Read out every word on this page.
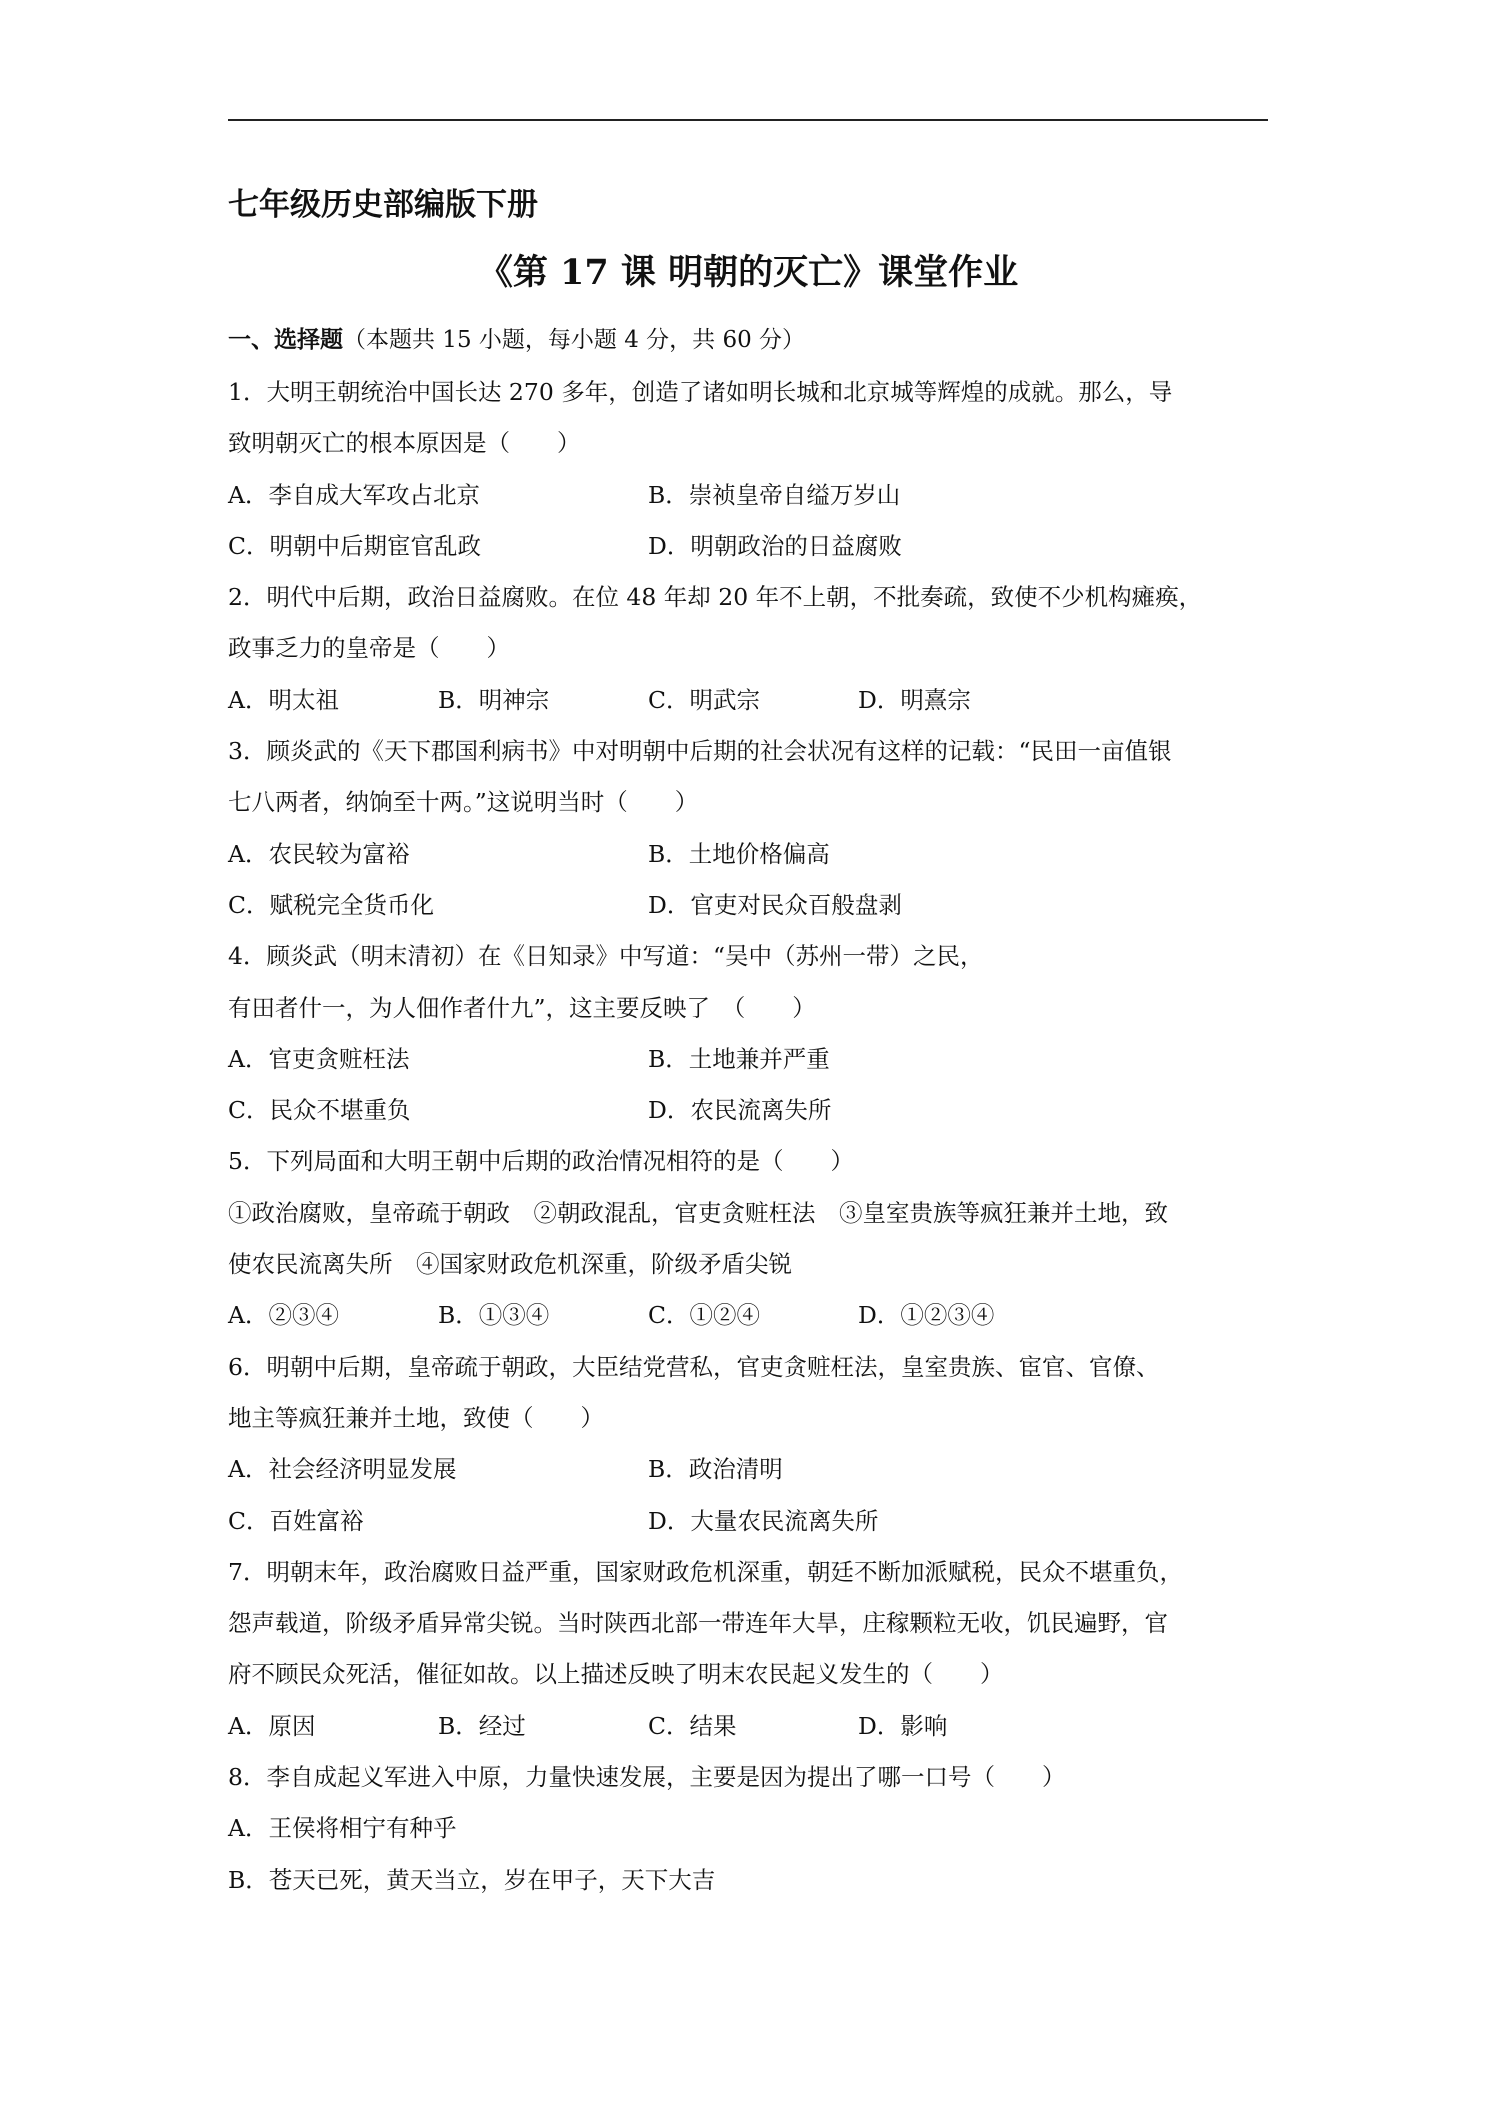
七年级历史部编版下册
《第 17 课 明朝的灭亡》课堂作业
一、选择题（本题共 15 小题，每小题 4 分，共 60 分）
1．大明王朝统治中国长达 270 多年，创造了诸如明长城和北京城等辉煌的成就。那么，导
致明朝灭亡的根本原因是（　　）
A．李自成大军攻占北京	B．崇祯皇帝自缢万岁山
C．明朝中后期宦官乱政	D．明朝政治的日益腐败
2．明代中后期，政治日益腐败。在位 48 年却 20 年不上朝，不批奏疏，致使不少机构瘫痪，
政事乏力的皇帝是（　　）
A．明太祖	B．明神宗	C．明武宗	D．明熹宗
3．顾炎武的《天下郡国利病书》中对明朝中后期的社会状况有这样的记载：“民田一亩值银
七八两者，纳饷至十两。”这说明当时（　　）
A．农民较为富裕	B．土地价格偏高
C．赋税完全货币化	D．官吏对民众百般盘剥
4．顾炎武（明末清初）在《日知录》中写道：“吴中（苏州一带）之民，
有田者什一，为人佃作者什九”，这主要反映了　（　　）
A．官吏贪赃枉法	B．土地兼并严重
C．民众不堪重负	D．农民流离失所
5．下列局面和大明王朝中后期的政治情况相符的是（　　）
①政治腐败，皇帝疏于朝政　②朝政混乱，官吏贪赃枉法　③皇室贵族等疯狂兼并土地，致
使农民流离失所　④国家财政危机深重，阶级矛盾尖锐
A．②③④	B．①③④	C．①②④	D．①②③④
6．明朝中后期，皇帝疏于朝政，大臣结党营私，官吏贪赃枉法，皇室贵族、宦官、官僚、
地主等疯狂兼并土地，致使（　　）
A．社会经济明显发展	B．政治清明
C．百姓富裕	D．大量农民流离失所
7．明朝末年，政治腐败日益严重，国家财政危机深重，朝廷不断加派赋税，民众不堪重负，
怨声载道，阶级矛盾异常尖锐。当时陕西北部一带连年大旱，庄稼颗粒无收，饥民遍野，官
府不顾民众死活，催征如故。以上描述反映了明末农民起义发生的（　　）
A．原因	B．经过	C．结果	D．影响
8．李自成起义军进入中原，力量快速发展，主要是因为提出了哪一口号（　　）
A．王侯将相宁有种乎
B．苍天已死，黄天当立，岁在甲子，天下大吉
